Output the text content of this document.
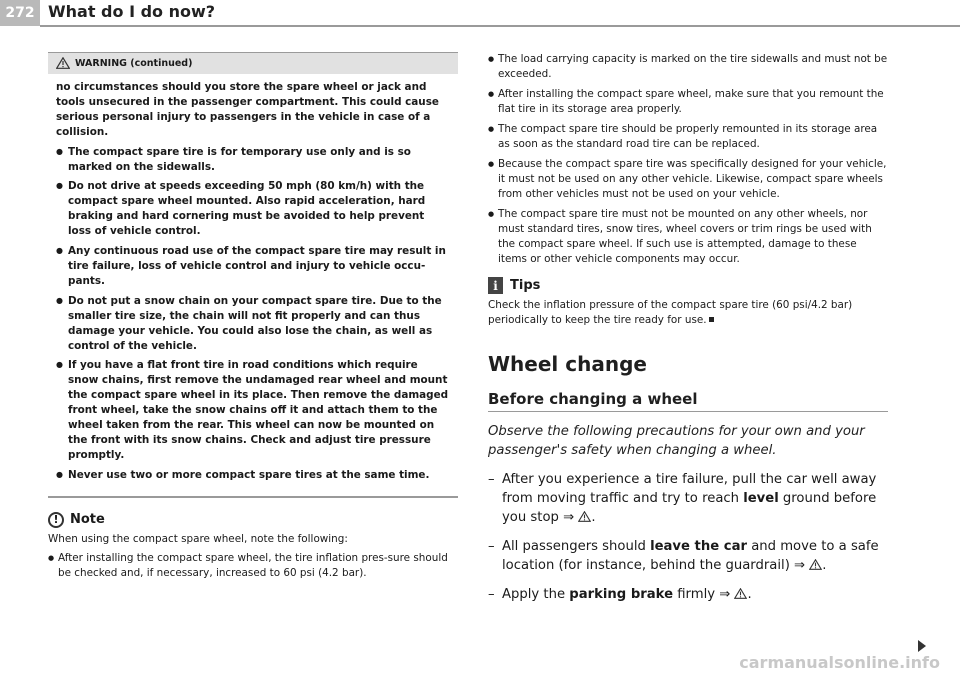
272 What do I do now?
WARNING (continued)

no circumstances should you store the spare wheel or jack and tools unsecured in the passenger compartment. This could cause serious personal injury to passengers in the vehicle in case of a collision.

● The compact spare tire is for temporary use only and is so marked on the sidewalls.
● Do not drive at speeds exceeding 50 mph (80 km/h) with the compact spare wheel mounted. Also rapid acceleration, hard braking and hard cornering must be avoided to help prevent loss of vehicle control.
● Any continuous road use of the compact spare tire may result in tire failure, loss of vehicle control and injury to vehicle occu-pants.
● Do not put a snow chain on your compact spare tire. Due to the smaller tire size, the chain will not fit properly and can thus damage your vehicle. You could also lose the chain, as well as control of the vehicle.
● If you have a flat front tire in road conditions which require snow chains, first remove the undamaged rear wheel and mount the compact spare wheel in its place. Then remove the damaged front wheel, take the snow chains off it and attach them to the wheel taken from the rear. This wheel can now be mounted on the front with its snow chains. Check and adjust tire pressure promptly.
● Never use two or more compact spare tires at the same time.
! Note

When using the compact spare wheel, note the following:

● After installing the compact spare wheel, the tire inflation pres-sure should be checked and, if necessary, increased to 60 psi (4.2 bar).
● The load carrying capacity is marked on the tire sidewalls and must not be exceeded.
● After installing the compact spare wheel, make sure that you remount the flat tire in its storage area properly.
● The compact spare tire should be properly remounted in its storage area as soon as the standard road tire can be replaced.
● Because the compact spare tire was specifically designed for your vehicle, it must not be used on any other vehicle. Likewise, compact spare wheels from other vehicles must not be used on your vehicle.
● The compact spare tire must not be mounted on any other wheels, nor must standard tires, snow tires, wheel covers or trim rings be used with the compact spare wheel. If such use is attempted, damage to these items or other vehicle components may occur.
i Tips

Check the inflation pressure of the compact spare tire (60 psi/4.2 bar) periodically to keep the tire ready for use.

Wheel change
Before changing a wheel
Observe the following precautions for your own and your passenger's safety when changing a wheel.
– After you experience a tire failure, pull the car well away from moving traffic and try to reach level ground before you stop ⇒ .
– All passengers should leave the car and move to a safe location (for instance, behind the guardrail) ⇒ .
– Apply the parking brake firmly ⇒ .
carmanualsonline.info
